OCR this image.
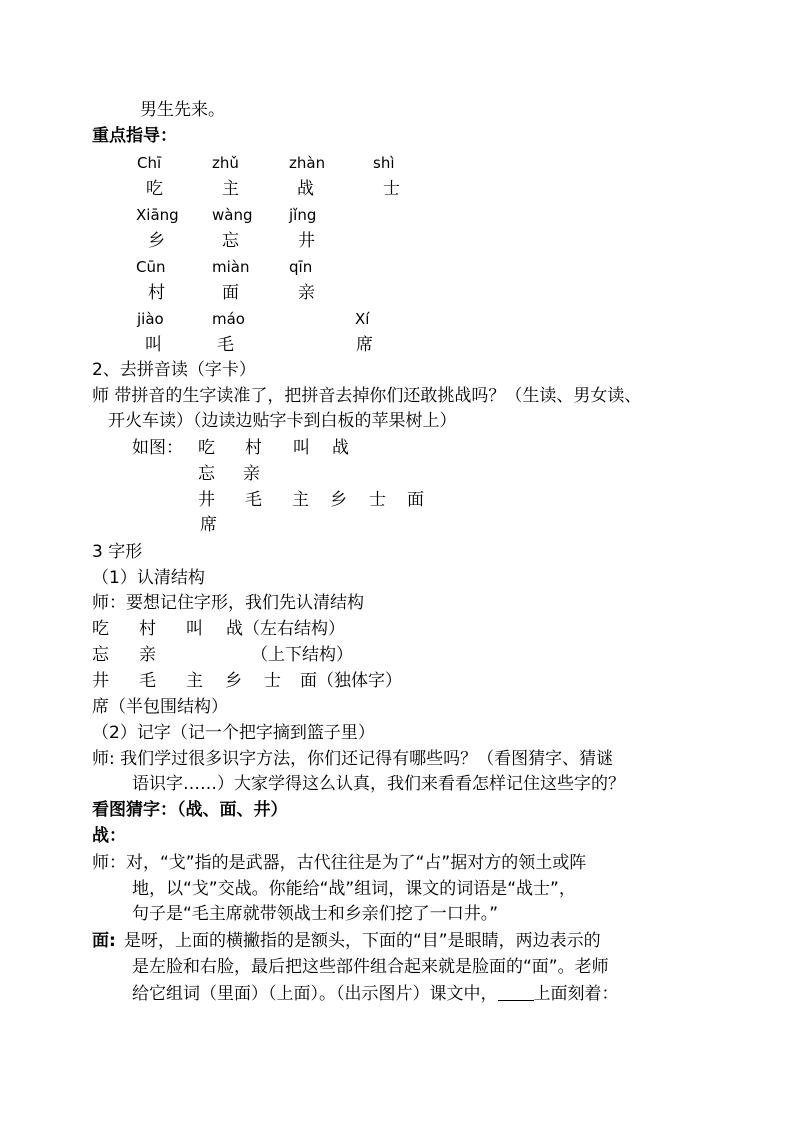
男生先来。
重点指导：
Chī	zhǔ	zhàn	shì
吃	主	战	士
Xiāng wàng jǐng
乡	忘	井
Cūn	miàn	qīn
村	面	亲
jiào	máo	Xí
叫	毛	席
2、去拼音读（字卡）
师 带拼音的生字读准了，把拼音去掉你们还敢挑战吗？（生读、男女读、
开火车读）（边读边贴字卡到白板的苹果树上）
如图： 吃 村 叫 战
忘 亲
井 毛 主 乡 士 面
席
3 字形
（1）认清结构
师：要想记住字形，我们先认清结构
吃 村 叫 战（左右结构）
忘 亲	（上下结构）
井 毛 主 乡 士 面（独体字）
席（半包围结构）
（2）记字（记一个把字摘到篮子里）
师: 我们学过很多识字方法，你们还记得有哪些吗？（看图猜字、猜谜
语识字……）大家学得这么认真，我们来看看怎样记住这些字的？
看图猜字：（战、面、井）
战：
师：对，“戈”指的是武器，古代往往是为了“占”据对方的领土或阵
地，以“戈”交战。你能给“战”组词，课文的词语是“战士”，
句子是“毛主席就带领战士和乡亲们挖了一口井。”
面: 是呀，上面的横撇指的是额头，下面的“目”是眼睛，两边表示的
是左脸和右脸，最后把这些部件组合起来就是脸面的“面”。老师
给它组词（里面）（上面）。（出示图片）课文中， 上面刻着：
